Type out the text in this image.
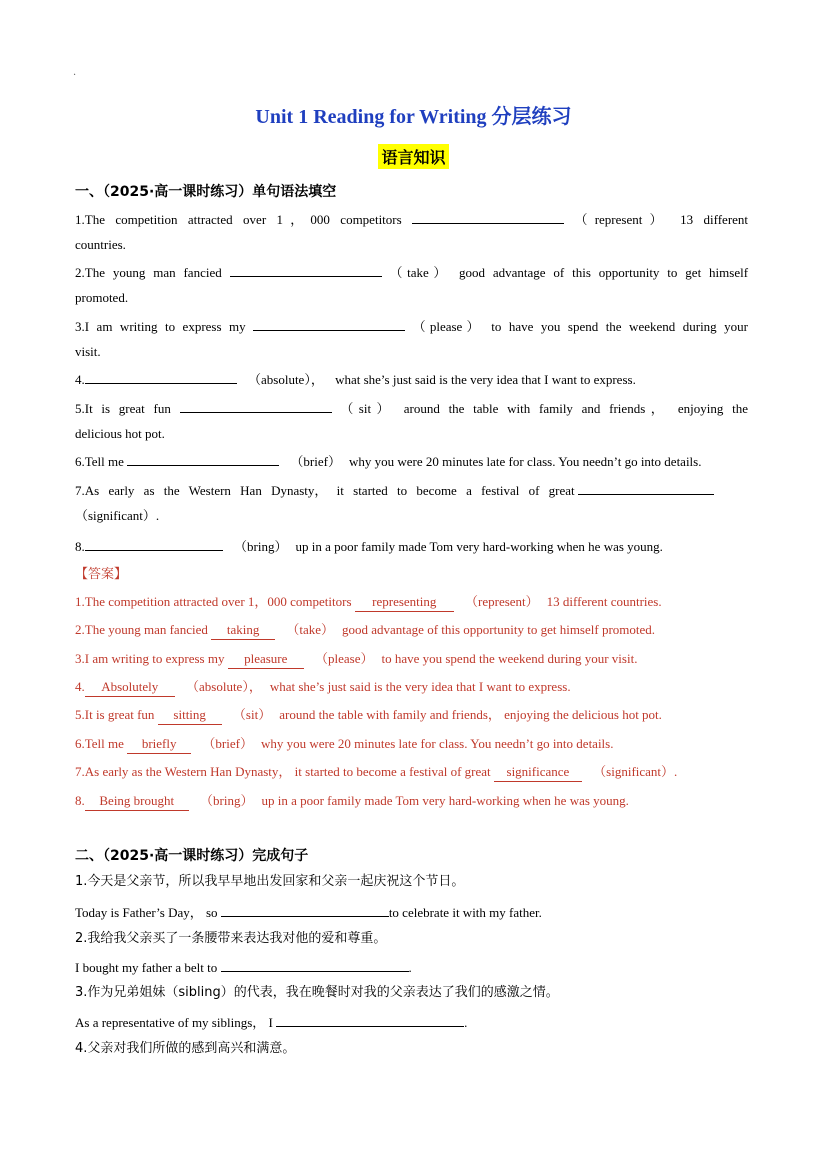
·
Unit 1 Reading for Writing 分层练习
语言知识
一、（2025·高一课时练习）单句语法填空
1.The competition attracted over 1，000 competitors	（represent） 13 different
countries.
2.The young man fancied	（take） good advantage of this opportunity to get himself
promoted.
3.I am writing to express my	（please） to have you spend the weekend during your
visit.
4.	（absolute）， what she’s just said is the very idea that I want to express.
5.It is great fun	（sit） around the table with family and friends， enjoying the
delicious hot pot.
6.Tell me	（brief） why you were 20 minutes late for class. You needn’t go into details.
7.As early as the Western Han Dynasty， it started to become a festival of great
（significant）.
8.	（bring） up in a poor family made Tom very hard-working when he was young.
【答案】
1.The competition attracted over 1，000 competitors representing （represent） 13 different countries.
2.The young man fancied taking （take） good advantage of this opportunity to get himself promoted.
3.I am writing to express my pleasure （please） to have you spend the weekend during your visit.
4. Absolutely （absolute）， what she’s just said is the very idea that I want to express.
5.It is great fun sitting （sit） around the table with family and friends， enjoying the delicious hot pot.
6.Tell me briefly （brief） why you were 20 minutes late for class. You needn’t go into details.
7.As early as the Western Han Dynasty， it started to become a festival of great significance （significant）.
8. Being brought （bring） up in a poor family made Tom very hard-working when he was young.
二、（2025·高一课时练习）完成句子
1.今天是父亲节，所以我早早地出发回家和父亲一起庆祝这个节日。
Today is Father’s Day， so	to celebrate it with my father.
2.我给我父亲买了一条腰带来表达我对他的爱和尊重。
I bought my father a belt to	.
3.作为兄弟姐妹（sibling）的代表，我在晚餐时对我的父亲表达了我们的感激之情。
As a representative of my siblings， I	.
4.父亲对我们所做的感到高兴和满意。
